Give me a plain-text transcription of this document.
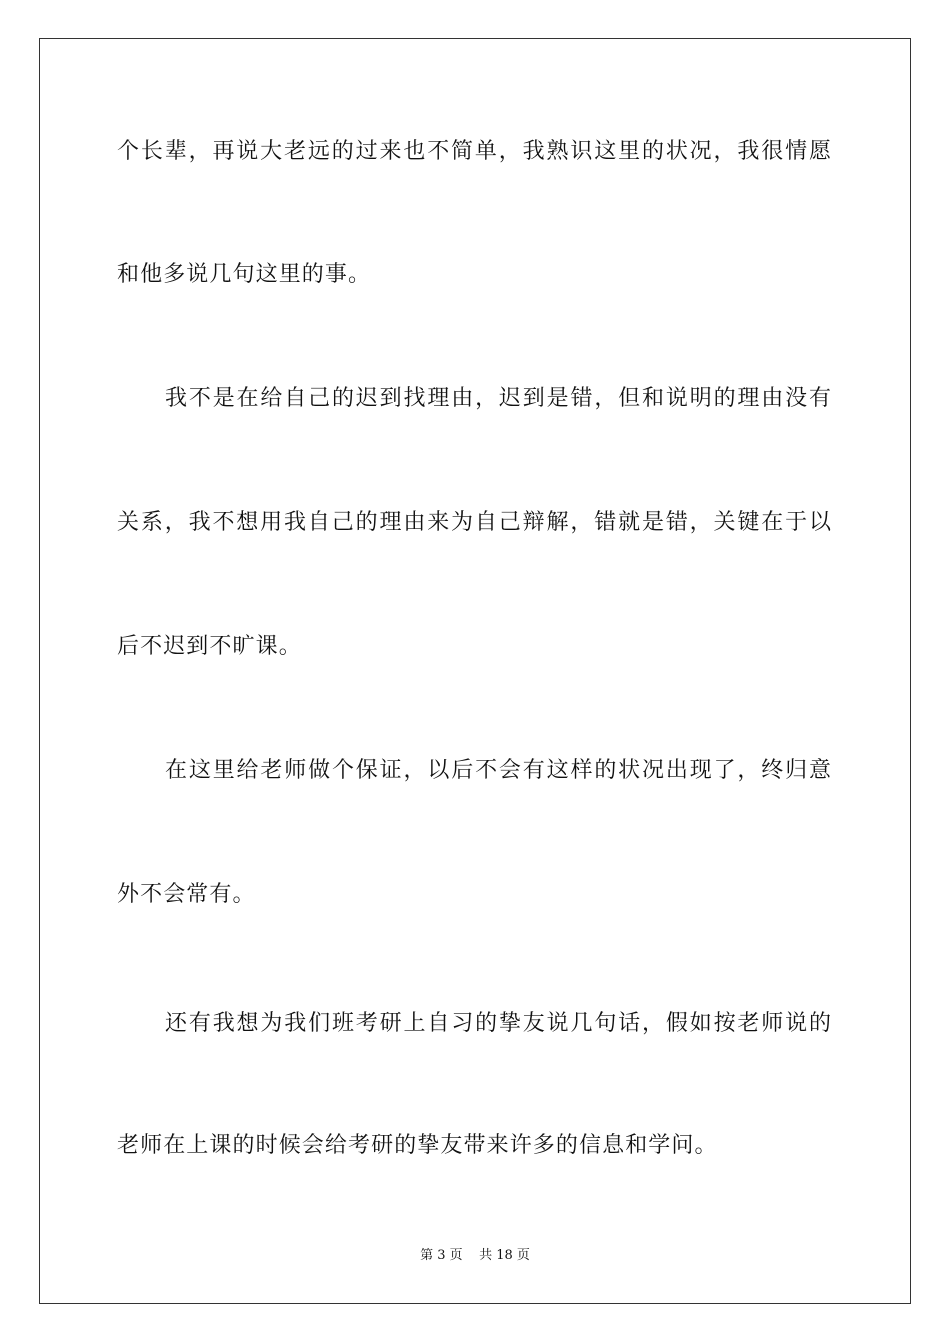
个长辈，再说大老远的过来也不简单，我熟识这里的状况，我很情愿
和他多说几句这里的事。
我不是在给自己的迟到找理由，迟到是错，但和说明的理由没有
关系，我不想用我自己的理由来为自己辩解，错就是错，关键在于以
后不迟到不旷课。
在这里给老师做个保证，以后不会有这样的状况出现了，终归意
外不会常有。
还有我想为我们班考研上自习的挚友说几句话，假如按老师说的
老师在上课的时候会给考研的挚友带来许多的信息和学问。
第 3 页    共 18 页
